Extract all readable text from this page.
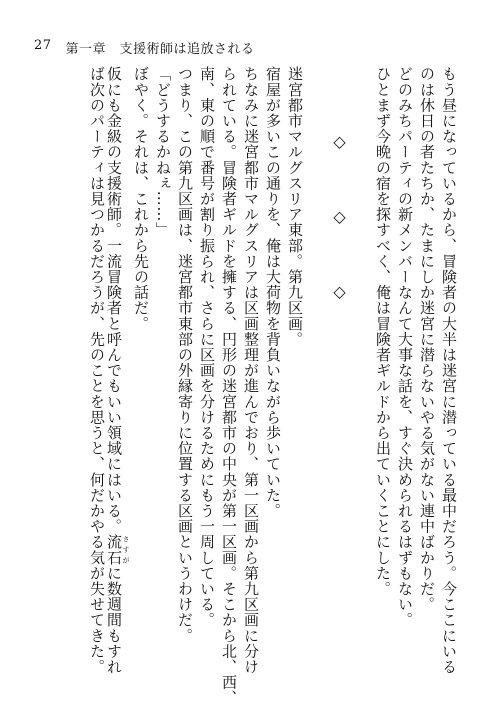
27 第一章　支援術師は追放される
もう昼になっているから、冒険者の大半は迷宮に潜っている最中だろう。今ここにいる
のは休日の者たちか、たまにしか迷宮に潜らないやる気がない連中ばかりだ。
どのみちパーティの新メンバーなんて大事な話を、すぐ決められるはずもない。
ひとまず今晩の宿を探すべく、俺は冒険者ギルドから出ていくことにした。
◇　◇　◇
迷宮都市マルグスリア東部。第九区画。
宿屋が多いこの通りを、俺は大荷物を背負いながら歩いていた。
ちなみに迷宮都市マルグスリアは区画整理が進んでおり、第一区画から第九区画に分け
られている。冒険者ギルドを擁する、円形の迷宮都市の中央が第一区画。そこから北、西、
南、東の順で番号が割り振られ、さらに区画を分けるためにもう一周している。
つまり、この第九区画は、迷宮都市東部の外縁寄りに位置する区画というわけだ。
「どうするかねぇ……」
ぼやく。それは、これから先の話だ。
仮にも金級の支援術師。一流冒険者と呼んでもいい領域にはいる。流石 さすがに数週間もすれ
ば次のパーティは見つかるだろうが、先のことを思うと、何だかやる気が失せてきた。
